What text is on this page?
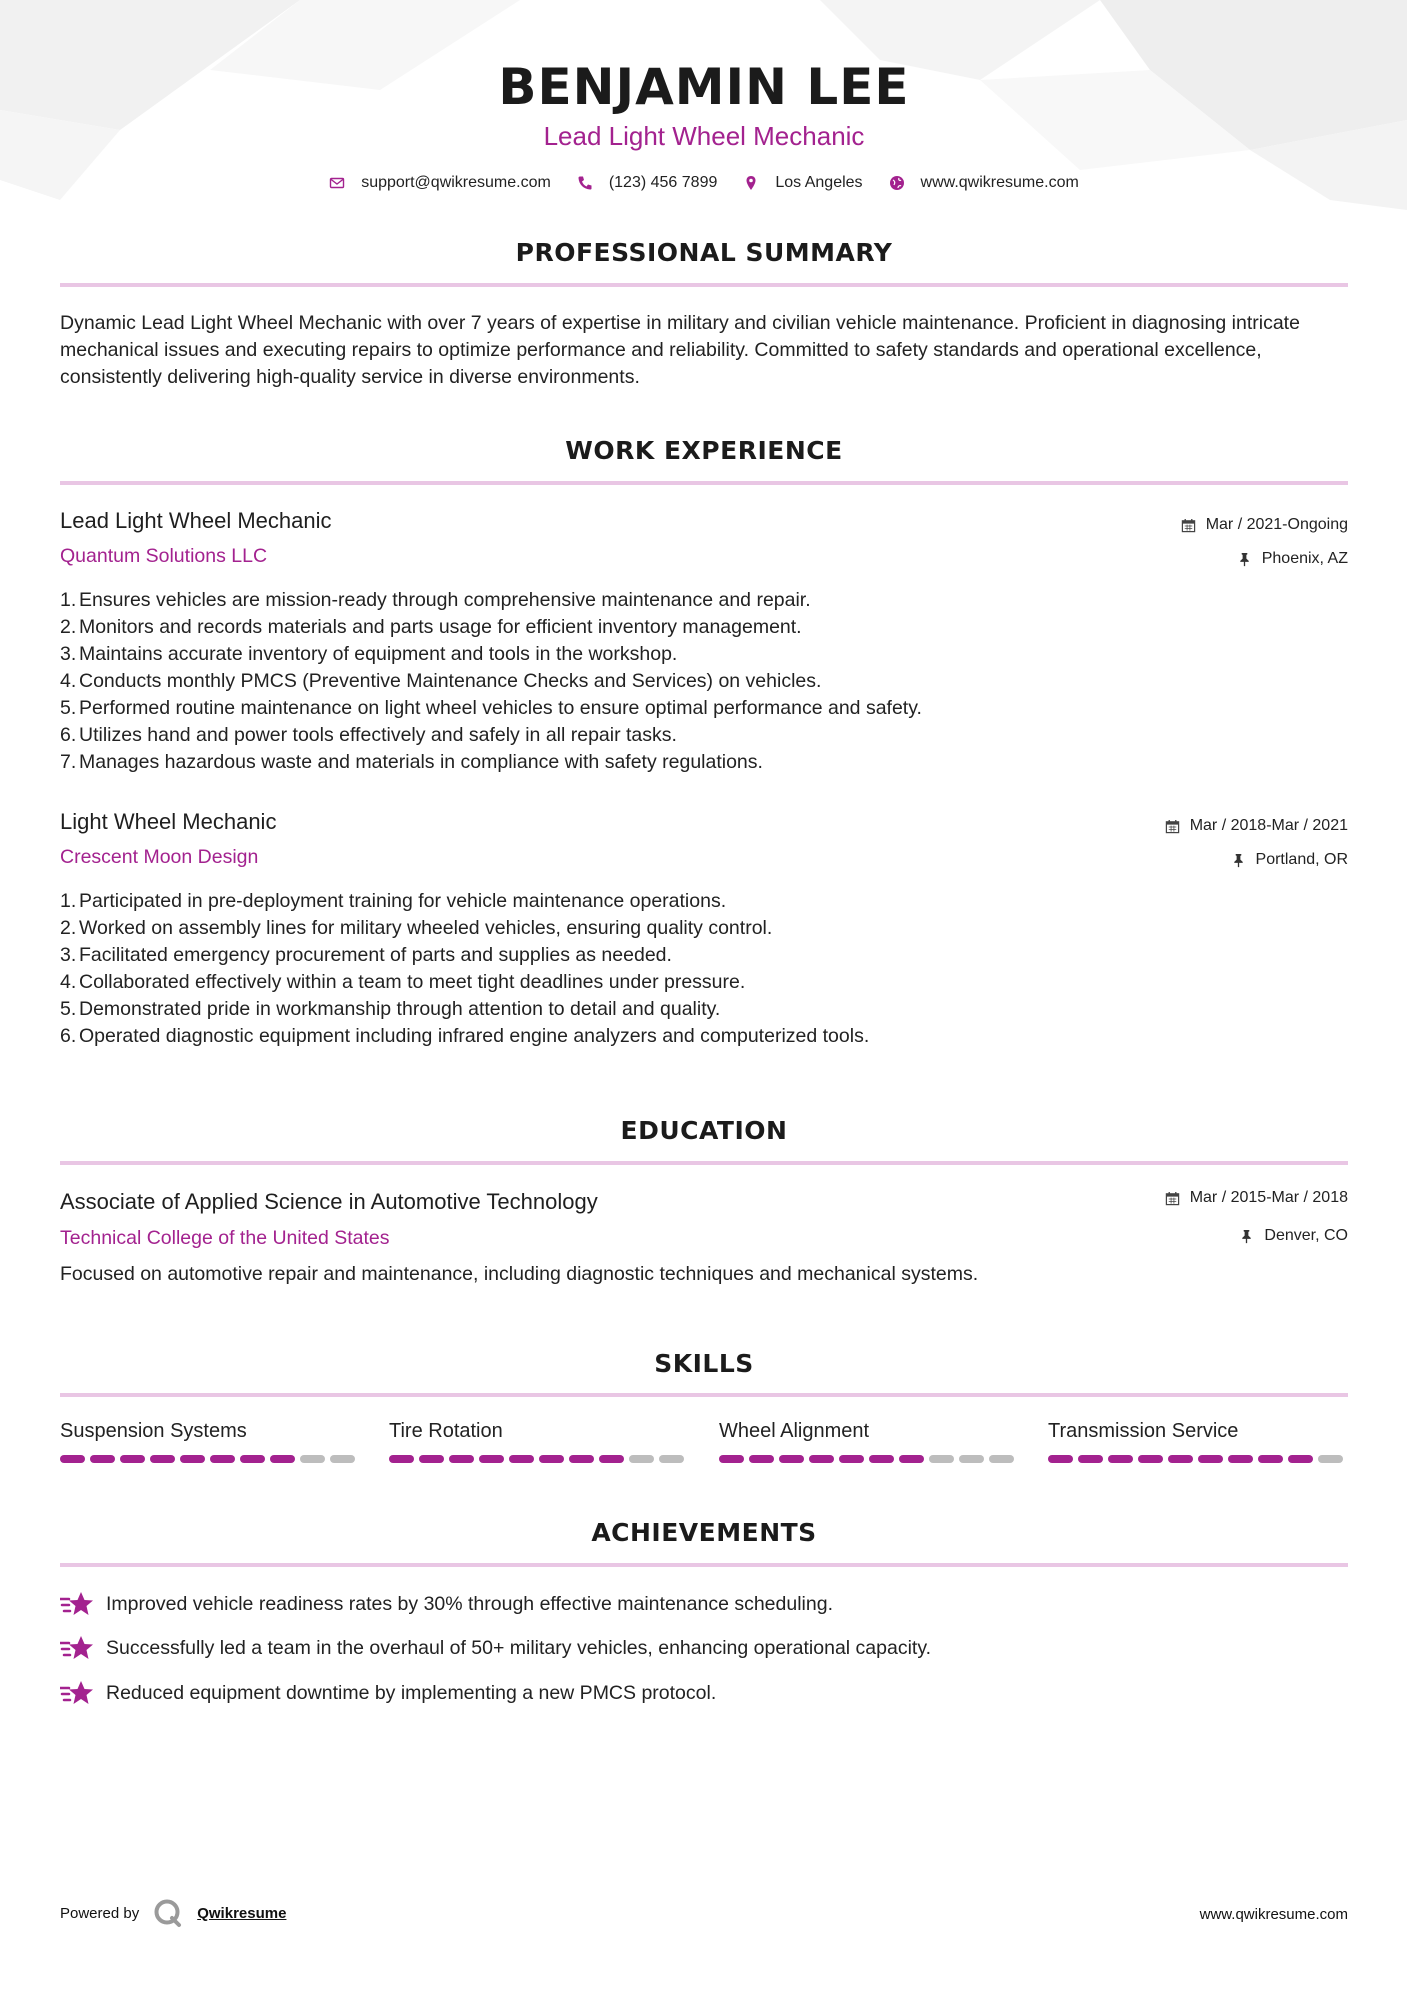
BENJAMIN LEE
Lead Light Wheel Mechanic
support@qwikresume.com	(123) 456 7899	Los Angeles	www.qwikresume.com
PROFESSIONAL SUMMARY
Dynamic Lead Light Wheel Mechanic with over 7 years of expertise in military and civilian vehicle maintenance. Proficient in diagnosing intricate mechanical issues and executing repairs to optimize performance and reliability. Committed to safety standards and operational excellence, consistently delivering high-quality service in diverse environments.
WORK EXPERIENCE
Lead Light Wheel Mechanic
Quantum Solutions LLC
Mar / 2021-Ongoing
Phoenix, AZ
1. Ensures vehicles are mission-ready through comprehensive maintenance and repair.
2. Monitors and records materials and parts usage for efficient inventory management.
3. Maintains accurate inventory of equipment and tools in the workshop.
4. Conducts monthly PMCS (Preventive Maintenance Checks and Services) on vehicles.
5. Performed routine maintenance on light wheel vehicles to ensure optimal performance and safety.
6. Utilizes hand and power tools effectively and safely in all repair tasks.
7. Manages hazardous waste and materials in compliance with safety regulations.
Light Wheel Mechanic
Crescent Moon Design
Mar / 2018-Mar / 2021
Portland, OR
1. Participated in pre-deployment training for vehicle maintenance operations.
2. Worked on assembly lines for military wheeled vehicles, ensuring quality control.
3. Facilitated emergency procurement of parts and supplies as needed.
4. Collaborated effectively within a team to meet tight deadlines under pressure.
5. Demonstrated pride in workmanship through attention to detail and quality.
6. Operated diagnostic equipment including infrared engine analyzers and computerized tools.
EDUCATION
Associate of Applied Science in Automotive Technology
Technical College of the United States
Mar / 2015-Mar / 2018
Denver, CO
Focused on automotive repair and maintenance, including diagnostic techniques and mechanical systems.
SKILLS
Suspension Systems	Tire Rotation	Wheel Alignment	Transmission Service
ACHIEVEMENTS
Improved vehicle readiness rates by 30% through effective maintenance scheduling.
Successfully led a team in the overhaul of 50+ military vehicles, enhancing operational capacity.
Reduced equipment downtime by implementing a new PMCS protocol.
Powered by	Qwikresume	www.qwikresume.com
